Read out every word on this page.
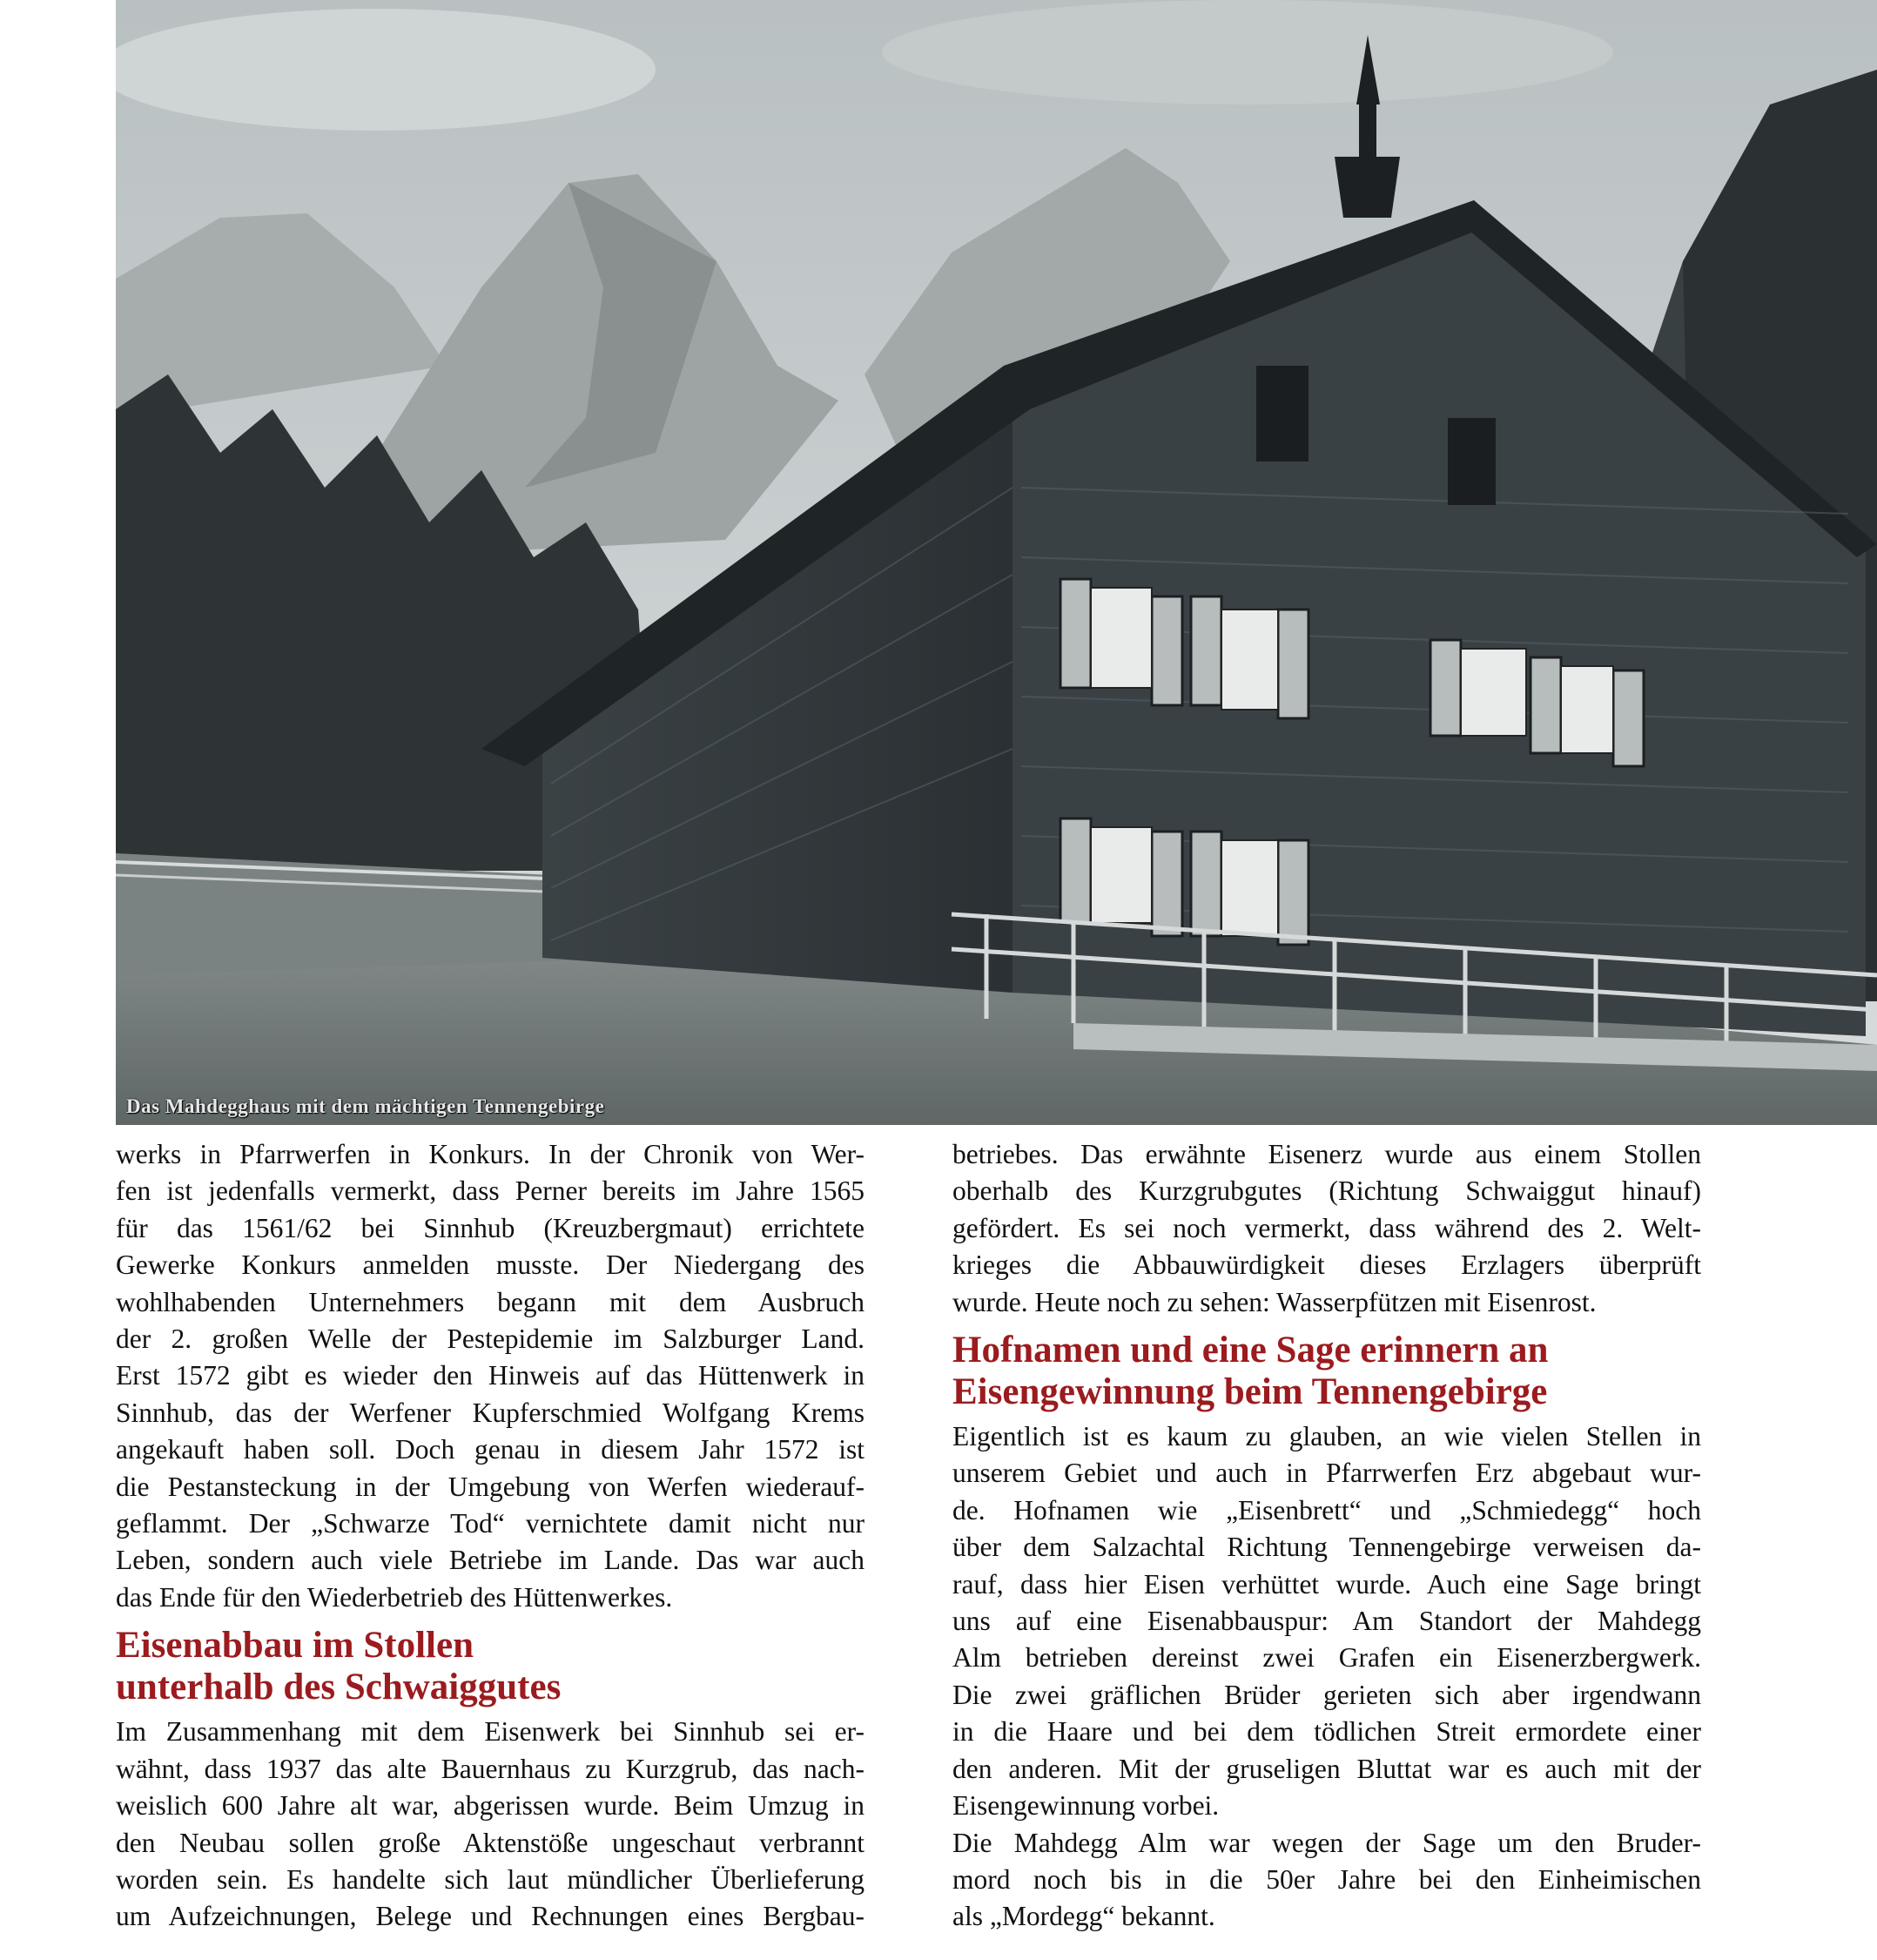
Das Mahdegghaus mit dem mächtigen Tennengebirge

werks in Pfarrwerfen in Konkurs. In der Chronik von Wer-
fen ist jedenfalls vermerkt, dass Perner bereits im Jahre 1565
für das 1561/62 bei Sinnhub (Kreuzbergmaut) errichtete
Gewerke Konkurs anmelden musste. Der Niedergang des
wohlhabenden Unternehmers begann mit dem Ausbruch
der 2. großen Welle der Pestepidemie im Salzburger Land.
Erst 1572 gibt es wieder den Hinweis auf das Hüttenwerk in
Sinnhub, das der Werfener Kupferschmied Wolfgang Krems
angekauft haben soll. Doch genau in diesem Jahr 1572 ist
die Pestansteckung in der Umgebung von Werfen wiederauf-
geflammt. Der „Schwarze Tod“ vernichtete damit nicht nur
Leben, sondern auch viele Betriebe im Lande. Das war auch
das Ende für den Wiederbetrieb des Hüttenwerkes.

Eisenabbau im Stollen
unterhalb des Schwaiggutes

Im Zusammenhang mit dem Eisenwerk bei Sinnhub sei er-
wähnt, dass 1937 das alte Bauernhaus zu Kurzgrub, das nach-
weislich 600 Jahre alt war, abgerissen wurde. Beim Umzug in
den Neubau sollen große Aktenstöße ungeschaut verbrannt
worden sein. Es handelte sich laut mündlicher Überlieferung
um Aufzeichnungen, Belege und Rechnungen eines Bergbau-

betriebes. Das erwähnte Eisenerz wurde aus einem Stollen
oberhalb des Kurzgrubgutes (Richtung Schwaiggut hinauf)
gefördert. Es sei noch vermerkt, dass während des 2. Welt-
krieges die Abbauwürdigkeit dieses Erzlagers überprüft
wurde. Heute noch zu sehen: Wasserpfützen mit Eisenrost.

Hofnamen und eine Sage erinnern an
Eisengewinnung beim Tennengebirge

Eigentlich ist es kaum zu glauben, an wie vielen Stellen in
unserem Gebiet und auch in Pfarrwerfen Erz abgebaut wur-
de. Hofnamen wie „Eisenbrett“ und „Schmiedegg“ hoch
über dem Salzachtal Richtung Tennengebirge verweisen da-
rauf, dass hier Eisen verhüttet wurde. Auch eine Sage bringt
uns auf eine Eisenabbauspur: Am Standort der Mahdegg
Alm betrieben dereinst zwei Grafen ein Eisenerzbergwerk.
Die zwei gräflichen Brüder gerieten sich aber irgendwann
in die Haare und bei dem tödlichen Streit ermordete einer
den anderen. Mit der gruseligen Bluttat war es auch mit der
Eisengewinnung vorbei.

Die Mahdegg Alm war wegen der Sage um den Bruder-
mord noch bis in die 50er Jahre bei den Einheimischen
als „Mordegg“ bekannt.
